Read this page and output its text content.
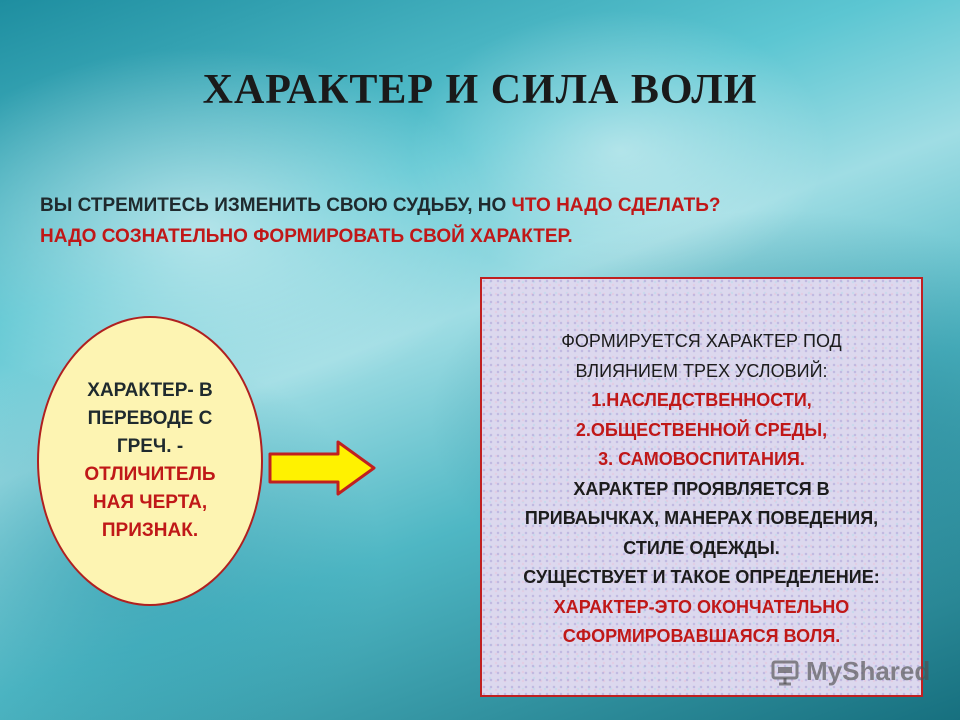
ХАРАКТЕР И СИЛА ВОЛИ
ВЫ СТРЕМИТЕСЬ ИЗМЕНИТЬ СВОЮ СУДЬБУ, НО ЧТО НАДО СДЕЛАТЬ?
НАДО СОЗНАТЕЛЬНО ФОРМИРОВАТЬ СВОЙ ХАРАКТЕР.
ХАРАКТЕР- В
ПЕРЕВОДЕ С
ГРЕЧ. -
ОТЛИЧИТЕЛЬ
НАЯ ЧЕРТА,
ПРИЗНАК.
ФОРМИРУЕТСЯ ХАРАКТЕР ПОД
ВЛИЯНИЕМ ТРЕХ УСЛОВИЙ:
1.НАСЛЕДСТВЕННОСТИ,
2.ОБЩЕСТВЕННОЙ СРЕДЫ,
3. САМОВОСПИТАНИЯ.
ХАРАКТЕР ПРОЯВЛЯЕТСЯ В
ПРИВАЫЧКАХ, МАНЕРАХ ПОВЕДЕНИЯ,
СТИЛЕ ОДЕЖДЫ.
СУЩЕСТВУЕТ И ТАКОЕ ОПРЕДЕЛЕНИЕ:
ХАРАКТЕР-ЭТО ОКОНЧАТЕЛЬНО
СФОРМИРОВАВШАЯСЯ ВОЛЯ.
MyShared
